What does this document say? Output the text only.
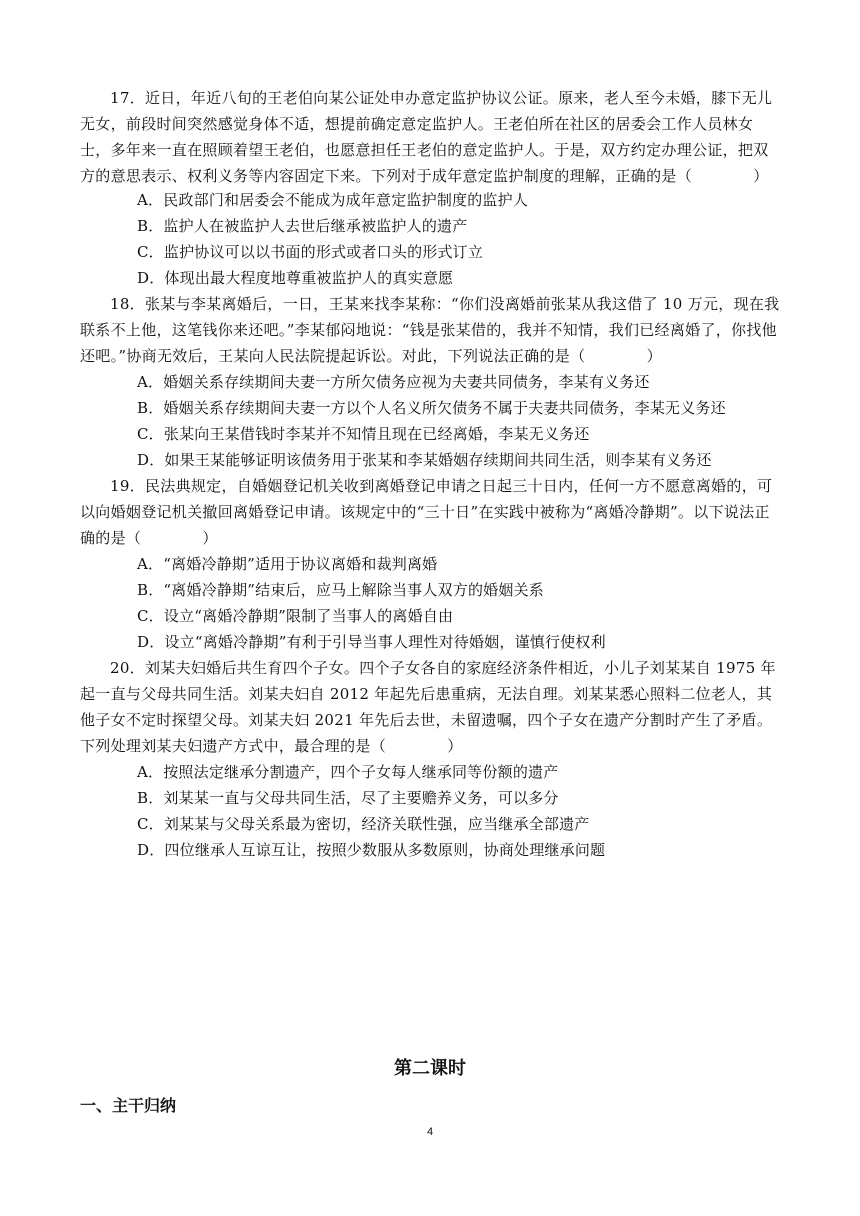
17．近日，年近八旬的王老伯向某公证处申办意定监护协议公证。原来，老人至今未婚，膝下无儿无女，前段时间突然感觉身体不适，想提前确定意定监护人。王老伯所在社区的居委会工作人员林女士，多年来一直在照顾着望王老伯，也愿意担任王老伯的意定监护人。于是，双方约定办理公证，把双方的意思表示、权利义务等内容固定下来。下列对于成年意定监护制度的理解，正确的是（　　　　）

A．民政部门和居委会不能成为成年意定监护制度的监护人

B．监护人在被监护人去世后继承被监护人的遗产

C．监护协议可以以书面的形式或者口头的形式订立

D．体现出最大程度地尊重被监护人的真实意愿

18．张某与李某离婚后，一日，王某来找李某称：“你们没离婚前张某从我这借了 10 万元，现在我联系不上他，这笔钱你来还吧。”李某郁闷地说：“钱是张某借的，我并不知情，我们已经离婚了，你找他还吧。”协商无效后，王某向人民法院提起诉讼。对此，下列说法正确的是（　　　　）

A．婚姻关系存续期间夫妻一方所欠债务应视为夫妻共同债务，李某有义务还

B．婚姻关系存续期间夫妻一方以个人名义所欠债务不属于夫妻共同债务，李某无义务还

C．张某向王某借钱时李某并不知情且现在已经离婚，李某无义务还

D．如果王某能够证明该债务用于张某和李某婚姻存续期间共同生活，则李某有义务还

19．民法典规定，自婚姻登记机关收到离婚登记申请之日起三十日内，任何一方不愿意离婚的，可以向婚姻登记机关撤回离婚登记申请。该规定中的“三十日”在实践中被称为“离婚冷静期”。以下说法正确的是（　　　　）

A．“离婚冷静期”适用于协议离婚和裁判离婚

B．“离婚冷静期”结束后，应马上解除当事人双方的婚姻关系

C．设立“离婚冷静期”限制了当事人的离婚自由

D．设立“离婚冷静期”有利于引导当事人理性对待婚姻，谨慎行使权利

20．刘某夫妇婚后共生育四个子女。四个子女各自的家庭经济条件相近，小儿子刘某某自 1975 年起一直与父母共同生活。刘某夫妇自 2012 年起先后患重病，无法自理。刘某某悉心照料二位老人，其他子女不定时探望父母。刘某夫妇 2021 年先后去世，未留遗嘱，四个子女在遗产分割时产生了矛盾。下列处理刘某夫妇遗产方式中，最合理的是（　　　　）

A．按照法定继承分割遗产，四个子女每人继承同等份额的遗产

B．刘某某一直与父母共同生活，尽了主要赡养义务，可以多分

C．刘某某与父母关系最为密切，经济关联性强，应当继承全部遗产

D．四位继承人互谅互让，按照少数服从多数原则，协商处理继承问题

第二课时
一、主干归纳
4
